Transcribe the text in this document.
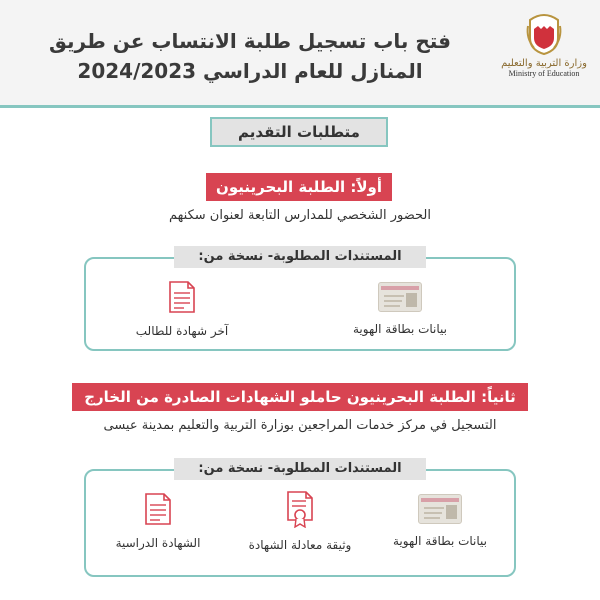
وزارة التربية والتعليم
Ministry of Education
فتح باب تسجيل طلبة الانتساب عن طريق
المنازل للعام الدراسي 2024/2023
متطلبات التقديم
أولاً: الطلبة البحرينيون
الحضور الشخصي للمدارس التابعة لعنوان سكنهم
المستندات المطلوبة- نسخة من:
بيانات بطاقة الهوية
آخر شهادة للطالب
ثانياً: الطلبة البحرينيون حاملو الشهادات الصادرة من الخارج
التسجيل في مركز خدمات المراجعين بوزارة التربية والتعليم بمدينة عيسى
المستندات المطلوبة- نسخة من:
بيانات بطاقة الهوية
وثيقة معادلة الشهادة
الشهادة الدراسية
